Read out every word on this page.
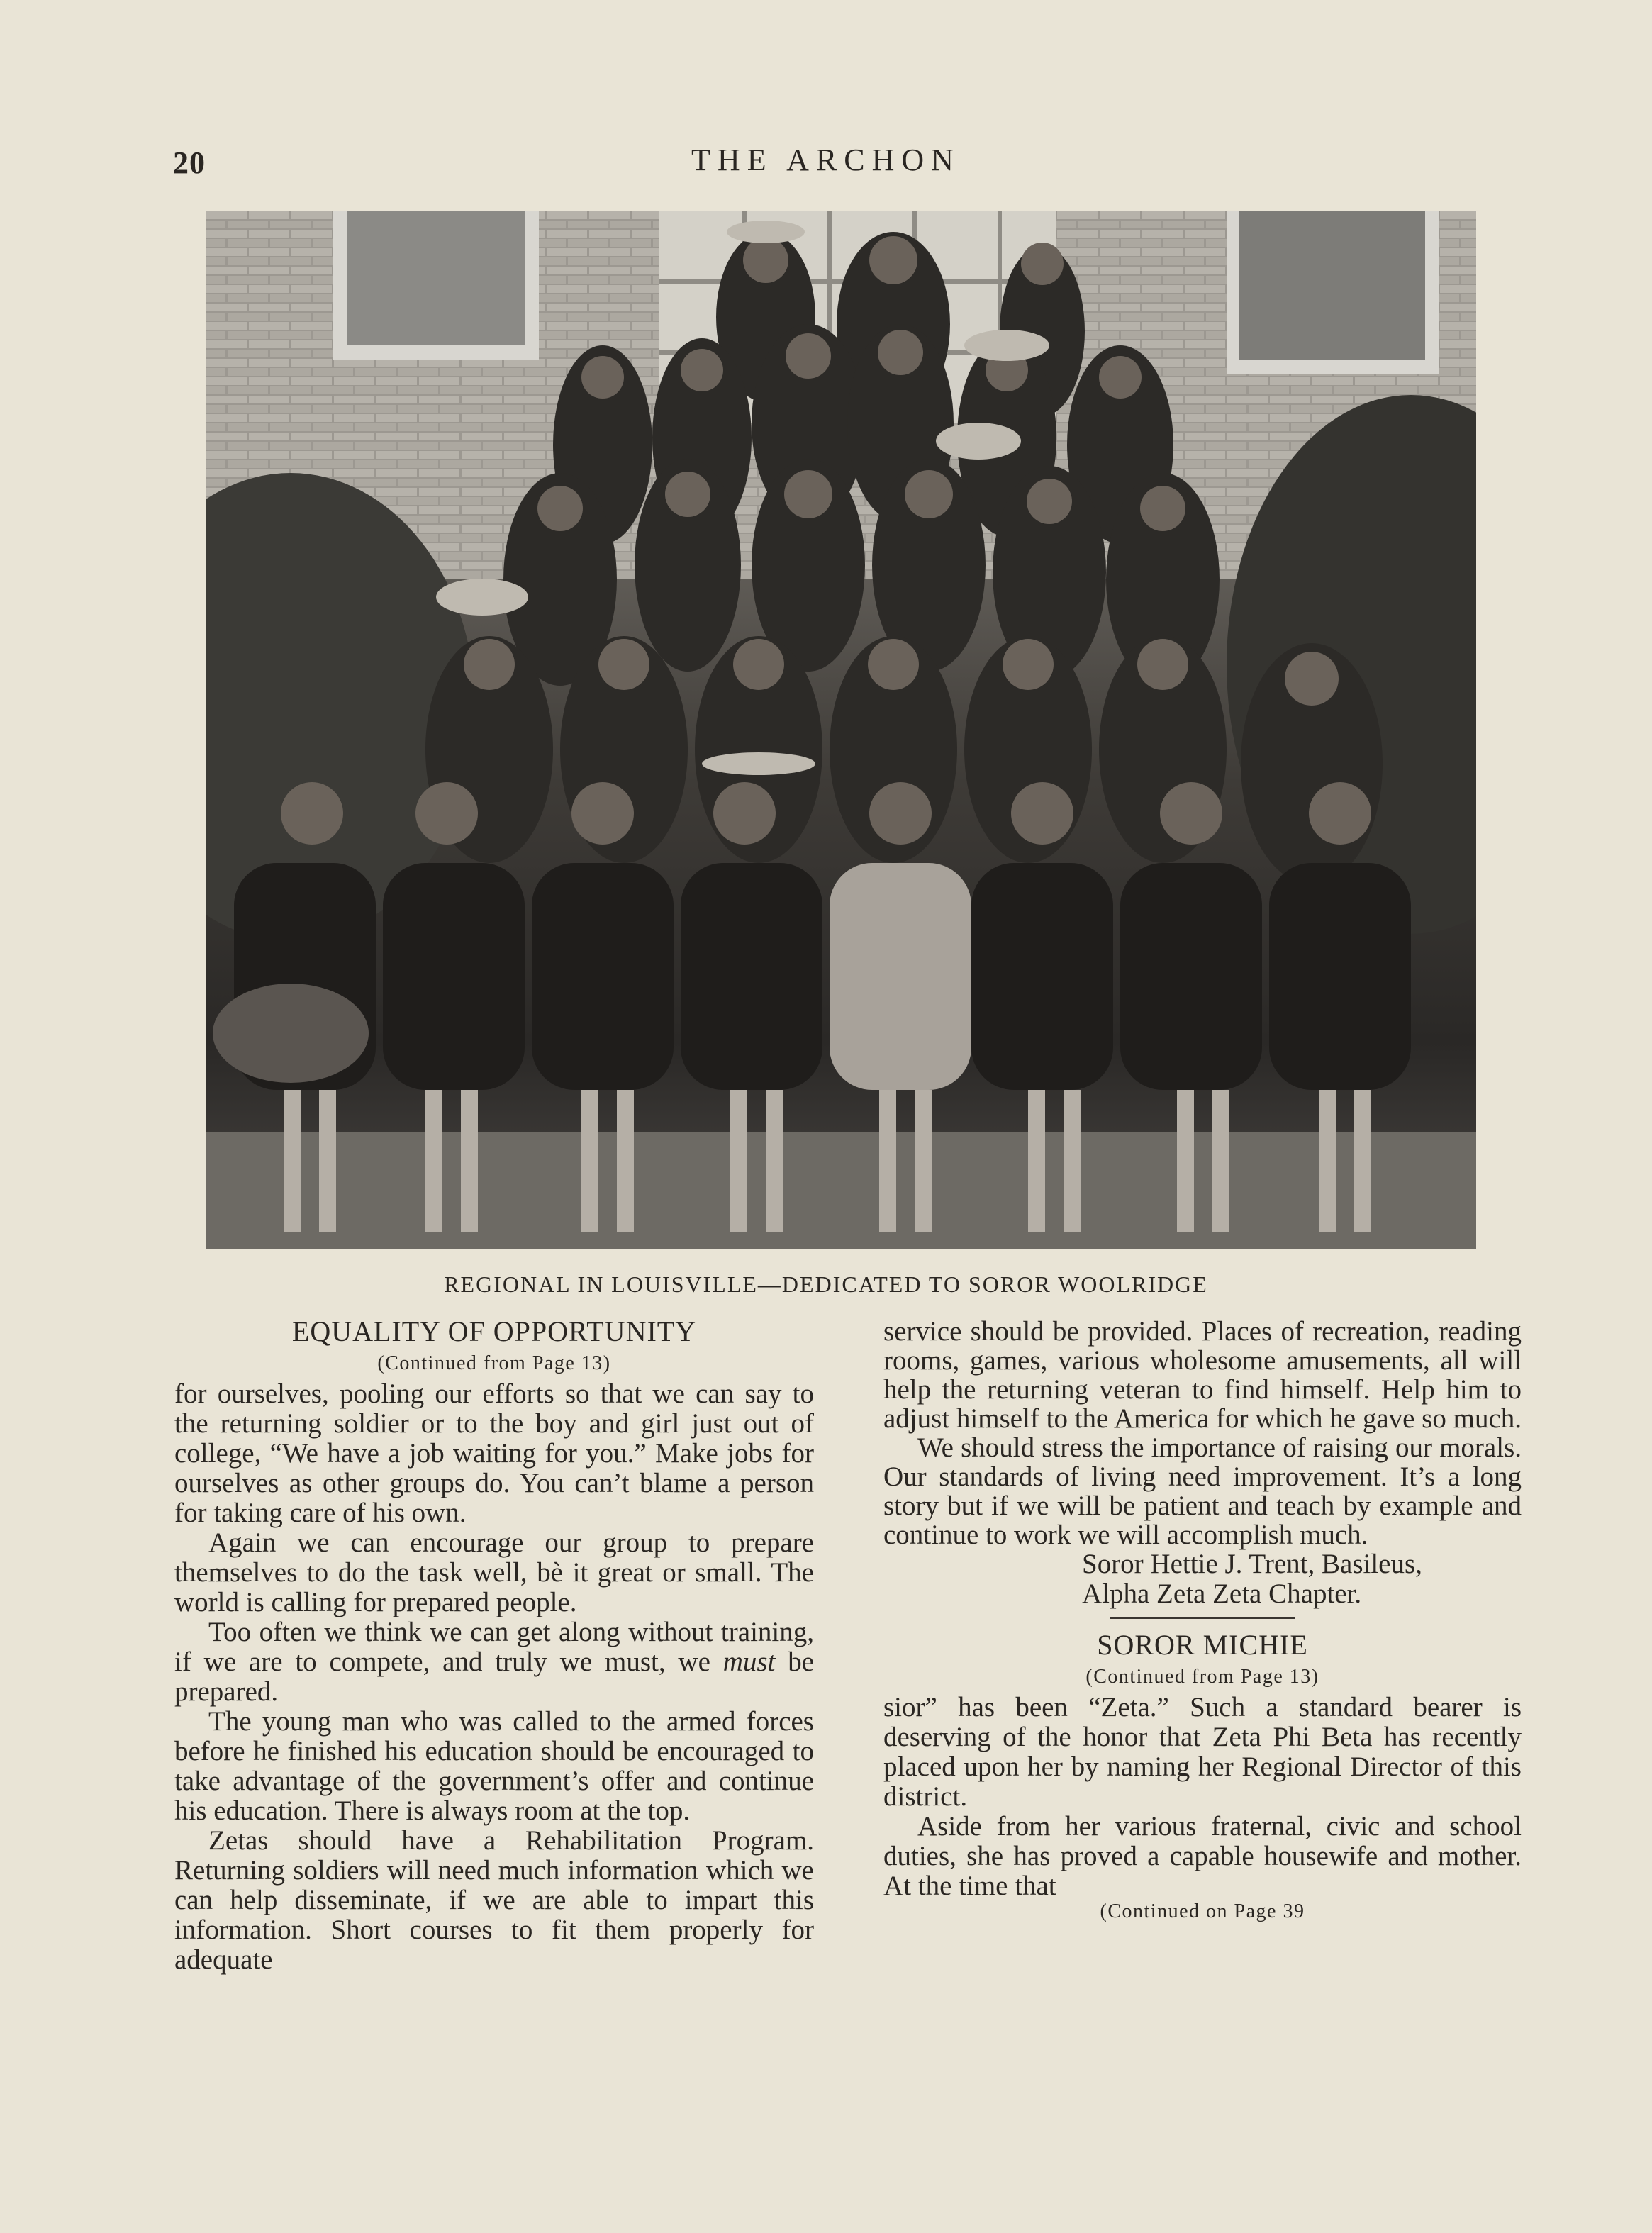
20	THE ARCHON
REGIONAL IN LOUISVILLE—DEDICATED TO SOROR WOOLRIDGE
EQUALITY OF OPPORTUNITY
(Continued from Page 13)

for ourselves, pooling our efforts so that we can say to the returning soldier or to the boy and girl just out of college, “We have a job waiting for you.” Make jobs for ourselves as other groups do. You can’t blame a person for taking care of his own.

Again we can encourage our group to prepare themselves to do the task well, bè it great or small. The world is calling for prepared people.

Too often we think we can get along without training, if we are to compete, and truly we must, we must be prepared.

The young man who was called to the armed forces before he finished his education should be encouraged to take advantage of the government’s offer and continue his education. There is always room at the top.

Zetas should have a Rehabilitation Program. Returning soldiers will need much information which we can help disseminate, if we are able to impart this information. Short courses to fit them properly for adequate

service should be provided. Places of recreation, reading rooms, games, various wholesome amusements, all will help the returning veteran to find himself. Help him to adjust himself to the America for which he gave so much.

We should stress the importance of raising our morals. Our standards of living need improvement. It’s a long story but if we will be patient and teach by example and continue to work we will accomplish much.

Soror Hettie J. Trent, Basileus,
Alpha Zeta Zeta Chapter.
SOROR MICHIE
(Continued from Page 13)

sior” has been “Zeta.” Such a standard bearer is deserving of the honor that Zeta Phi Beta has recently placed upon her by naming her Regional Director of this district.

Aside from her various fraternal, civic and school duties, she has proved a capable housewife and mother. At the time that

(Continued on Page 39
